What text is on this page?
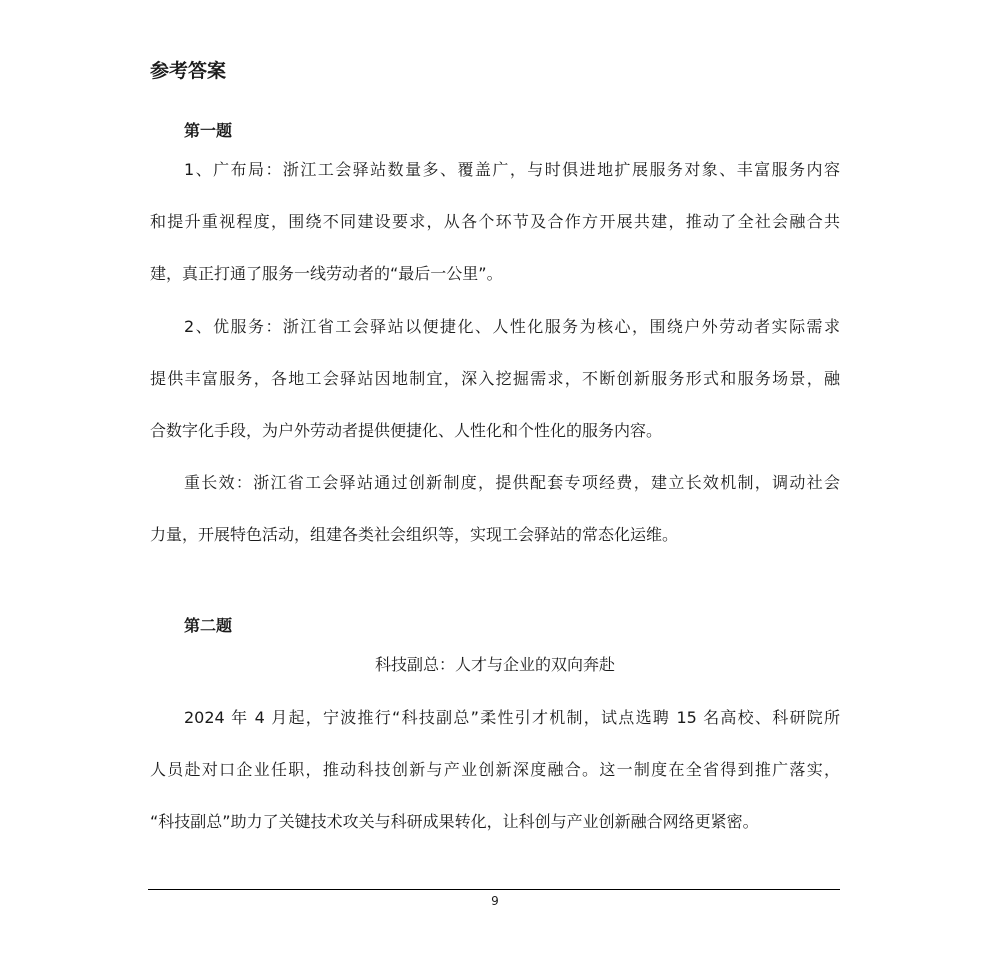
参考答案
第一题
1、广布局：浙江工会驿站数量多、覆盖广，与时俱进地扩展服务对象、丰富服务内容
和提升重视程度，围绕不同建设要求，从各个环节及合作方开展共建，推动了全社会融合共
建，真正打通了服务一线劳动者的“最后一公里”。
2、优服务：浙江省工会驿站以便捷化、人性化服务为核心，围绕户外劳动者实际需求
提供丰富服务，各地工会驿站因地制宜，深入挖掘需求，不断创新服务形式和服务场景，融
合数字化手段，为户外劳动者提供便捷化、人性化和个性化的服务内容。
重长效：浙江省工会驿站通过创新制度，提供配套专项经费，建立长效机制，调动社会
力量，开展特色活动，组建各类社会组织等，实现工会驿站的常态化运维。
第二题
科技副总：人才与企业的双向奔赴
2024 年 4 月起，宁波推行“科技副总”柔性引才机制，试点选聘 15 名高校、科研院所
人员赴对口企业任职，推动科技创新与产业创新深度融合。这一制度在全省得到推广落实，
“科技副总”助力了关键技术攻关与科研成果转化，让科创与产业创新融合网络更紧密。
9
